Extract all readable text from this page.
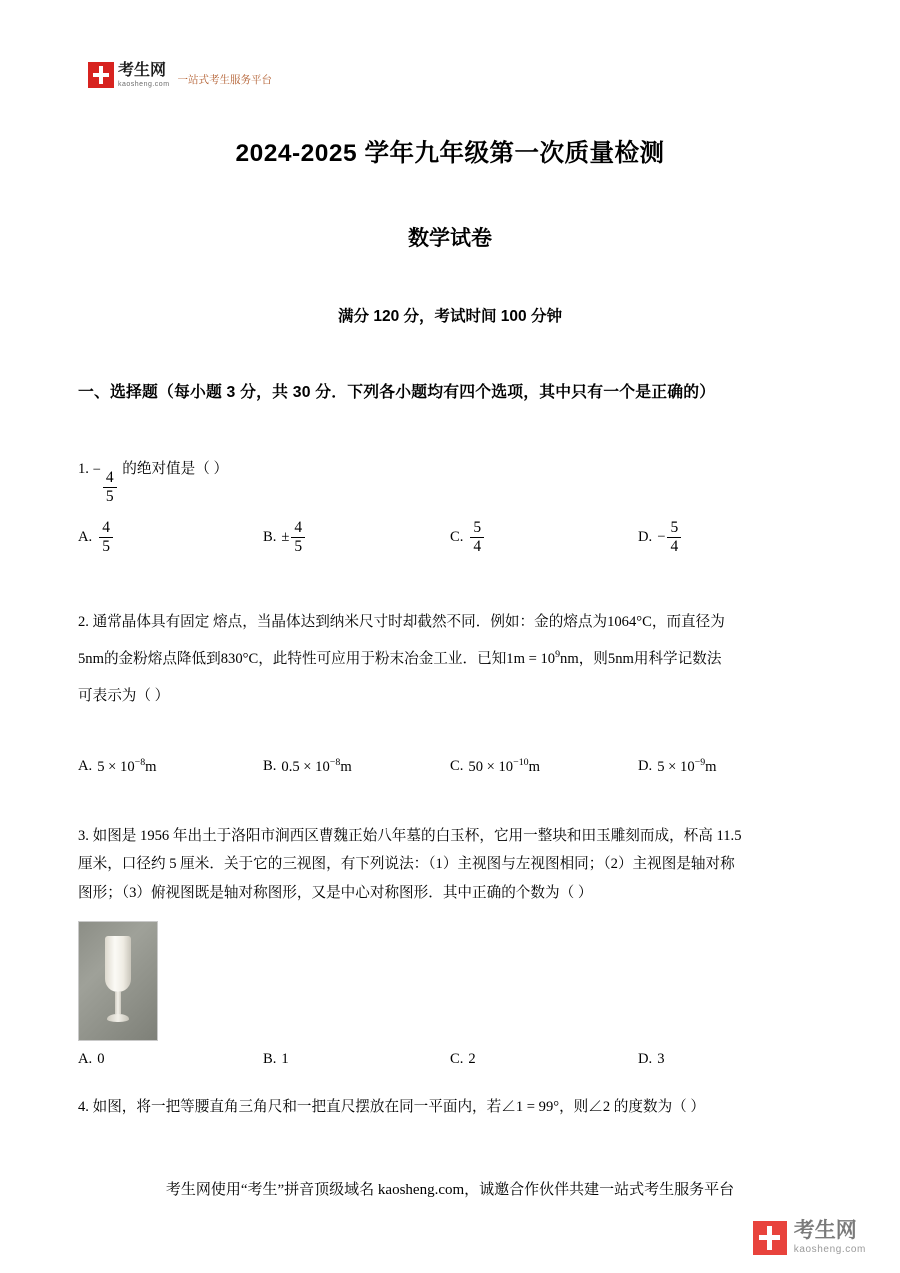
考生网
kaosheng.com 一站式考生服务平台
2024-2025 学年九年级第一次质量检测
数学试卷
满分 120 分，考试时间 100 分钟
一、选择题（每小题 3 分，共 30 分．下列各小题均有四个选项，其中只有一个是正确的）
1. − $\frac{4}{5}$
的绝对值是（ ）
A. $\frac{4}{5}$	B. ± $\frac{4}{5}$	C. $\frac{5}{4}$	D. − $\frac{5}{4}$
2. 通常晶体具有固定 熔点，当晶体达到纳米尺寸时却截然不同．例如：金的熔点为1064°C，而直径为
5nm的金粉熔点降低到830°C，此特性可应用于粉末冶金工业．已知$1m = 10^9nm$，则5nm用科学记数法
可表示为（ ）
A. $5 \times 10^{-8}m$	B. $0.5 \times 10^{-8}m$	C. $50 \times 10^{-10}m$	D. $5 \times 10^{-9}m$
3. 如图是 1956 年出土于洛阳市涧西区曹魏正始八年墓的白玉杯，它用一整块和田玉雕刻而成，杯高 11.5
厘米，口径约 5 厘米．关于它的三视图，有下列说法：（1）主视图与左视图相同；（2）主视图是轴对称
图形；（3）俯视图既是轴对称图形，又是中心对称图形．其中正确的个数为（ ）
A. 0	B. 1	C. 2	D. 3
4. 如图，将一把等腰直角三角尺和一把直尺摆放在同一平面内，若∠1 = 99°，则∠2 的度数为（ ）
考生网使用“考生”拼音顶级域名 kaosheng.com，诚邀合作伙伴共建一站式考生服务平台
考生网
kaosheng.com
